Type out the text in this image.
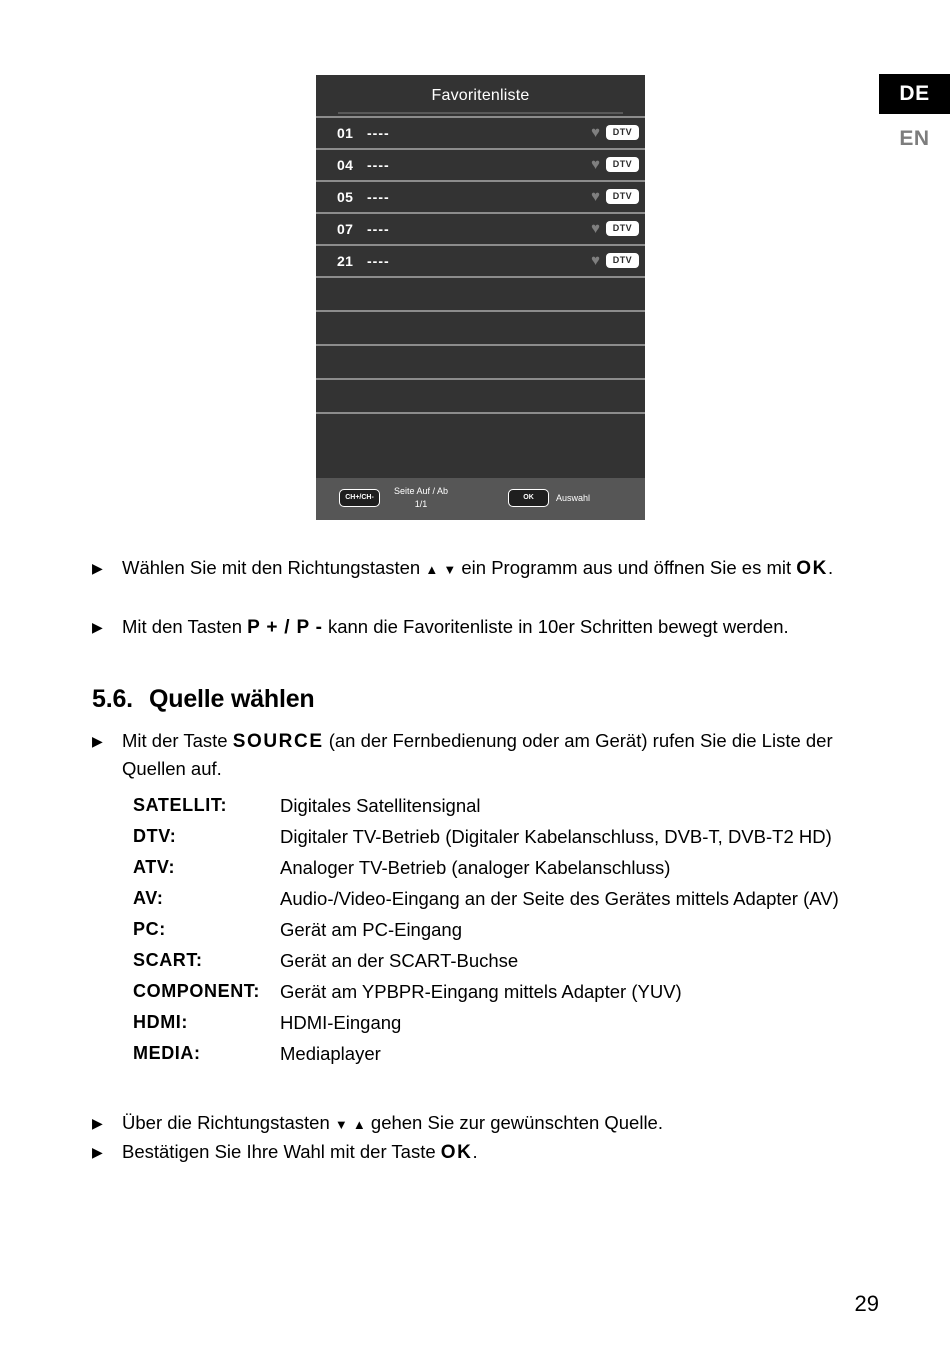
DE
EN
Favoritenliste
01 ----	♥	DTV
04 ----	♥	DTV
05 ----	♥	DTV
07 ----	♥	DTV
21 ----	♥	DTV
CH+/CH-
Seite Auf / Ab
1/1
OK	Auswahl
▶ Wählen Sie mit den Richtungstasten ▲ ▼ ein Programm aus und öffnen Sie es mit OK.
▶ Mit den Tasten P + / P - kann die Favoritenliste in 10er Schritten bewegt werden.
5.6. Quelle wählen
▶ Mit der Taste SOURCE (an der Fernbedienung oder am Gerät) rufen Sie die Liste der Quellen auf.
SATELLIT:	Digitales Satellitensignal
DTV:	Digitaler TV-Betrieb (Digitaler Kabelanschluss, DVB-T, DVB-T2 HD)
ATV:	Analoger TV-Betrieb (analoger Kabelanschluss)
AV:	Audio-/Video-Eingang an der Seite des Gerätes mittels Adapter (AV)
PC:	Gerät am PC-Eingang
SCART:	Gerät an der SCART-Buchse
COMPONENT: Gerät am YPBPR-Eingang mittels Adapter (YUV)
HDMI:	HDMI-Eingang
MEDIA:	Mediaplayer
▶ Über die Richtungstasten ▼ ▲ gehen Sie zur gewünschten Quelle.
▶ Bestätigen Sie Ihre Wahl mit der Taste OK.
29
